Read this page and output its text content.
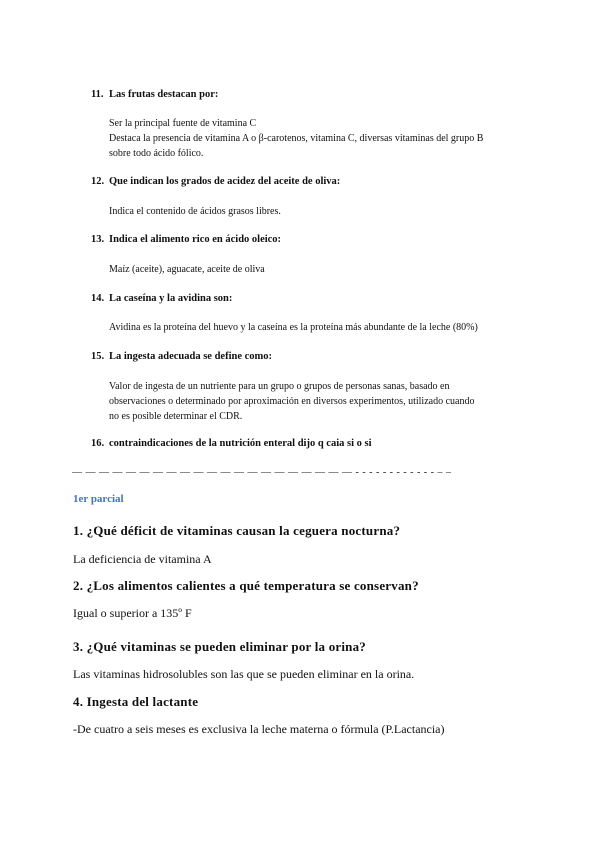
11. Las frutas destacan por:
Ser la principal fuente de vitamina C
Destaca la presencia de vitamina A o β-carotenos, vitamina C, diversas vitaminas del grupo B
sobre todo ácido fólico.
12. Que indican los grados de acidez del aceite de oliva:
Indica el contenido de ácidos grasos libres.
13. Indica el alimento rico en ácido oleico:
Maíz (aceite), aguacate, aceite de oliva
14. La caseína y la avidina son:
Avidina es la proteína del huevo y la caseína es la proteína más abundante de la leche (80%)
15. La ingesta adecuada se define como:
Valor de ingesta de un nutriente para un grupo o grupos de personas sanas, basado en
observaciones o determinado por aproximación en diversos experimentos, utilizado cuando
no es posible determinar el CDR.
16. contraindicaciones de la nutrición enteral dijo q caia si o si
— — — — — — — — — — — — — — — — — — — — — - - - - - - - - - - - - – –
1er parcial
1. ¿Qué déficit de vitaminas causan la ceguera nocturna?
La deficiencia de vitamina A
2. ¿Los alimentos calientes a qué temperatura se conservan?
Igual o superior a 135º F
3. ¿Qué vitaminas se pueden eliminar por la orina?
Las vitaminas hidrosolubles son las que se pueden eliminar en la orina.
4. Ingesta del lactante
-De cuatro a seis meses es exclusiva la leche materna o fórmula (P.Lactancia)
